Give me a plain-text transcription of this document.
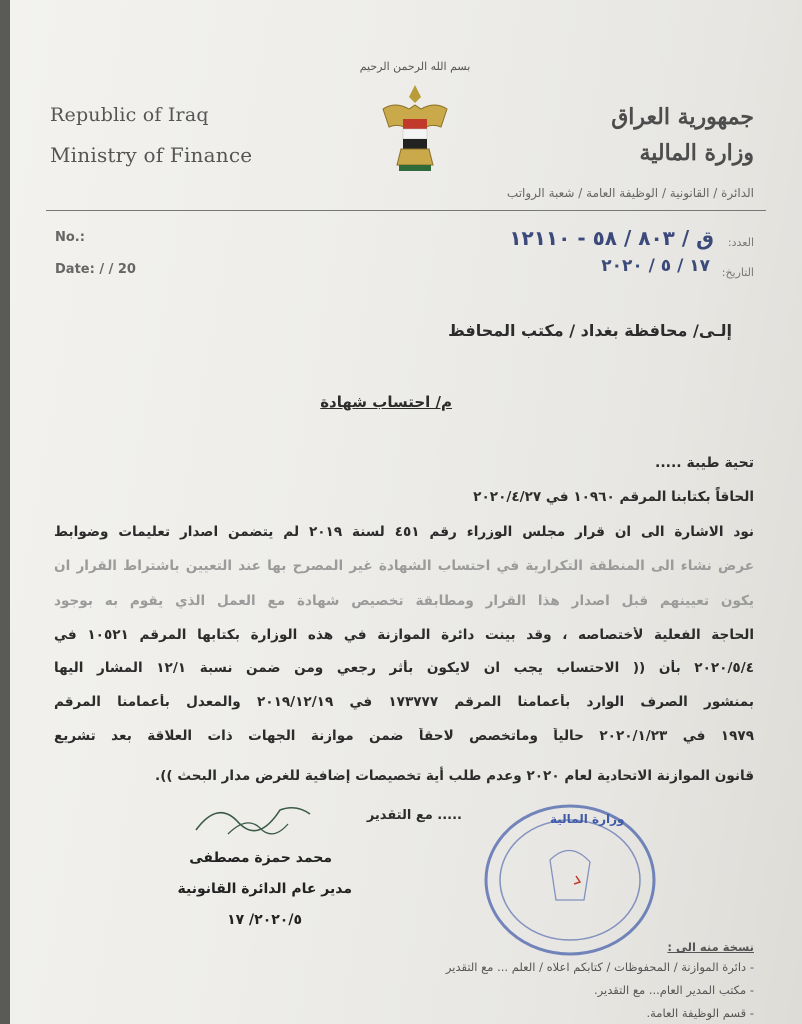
Republic of Iraq
Ministry of Finance
بسم الله الرحمن الرحيم
جمهورية العراق
وزارة المالية
الدائرة / القانونية / الوظيفة العامة / شعبة الرواتب
No.:
Date: / / 20
العدد:
التاريخ:
ق / ٨٠٣ / ٥٨ - ١٢١١٠
١٧ / ٥ / ٢٠٢٠
إلـى/ محافظة بغداد / مكتب المحافظ
م/ احتساب شهادة
تحية طيبة .....
الحاقاً بكتابنا المرقم ١٠٩٦٠ في ٢٠٢٠/٤/٢٧
نود الاشارة الى ان قرار مجلس الوزراء رقم ٤٥١ لسنة ٢٠١٩ لم يتضمن اصدار تعليمات وضوابط
عرض نشاء الى المنطقة التكرارية في احتساب الشهادة غير المصرح بها عند التعيين باشتراط القرار ان
يكون تعيينهم قبل اصدار هذا القرار ومطابقة تخصيص شهادة مع العمل الذي يقوم به بوجود
الحاجة الفعلية لأختصاصه ، وقد بينت دائرة الموازنة في هذه الوزارة بكتابها المرقم ١٠٥٢١ في
٢٠٢٠/٥/٤ بأن (( الاحتساب يجب ان لايكون بأثر رجعي ومن ضمن نسبة ١٢/١ المشار اليها
بمنشور الصرف الوارد بأعمامنا المرقم ١٧٣٧٧٧ في ٢٠١٩/١٢/١٩ والمعدل بأعمامنا المرقم
١٩٧٩ في ٢٠٢٠/١/٢٣ حالياً وماتخصص لاحقاً ضمن موازنة الجهات ذات العلاقة بعد تشريع
قانون الموازنة الاتحادية لعام ٢٠٢٠ وعدم طلب أية تخصيصات إضافية للغرض مدار البحث )).
..... مع التقدير
محمد حمزة مصطفى
مدير عام الدائرة القانونية
٢٠٢٠/٥/ ١٧
وزارة المالية
نسخة منه الى :
- دائرة الموازنة / المحفوظات / كتابكم اعلاه / العلم ... مع التقدير
- مكتب المدير العام... مع التقدير.
- قسم الوظيفة العامة.
